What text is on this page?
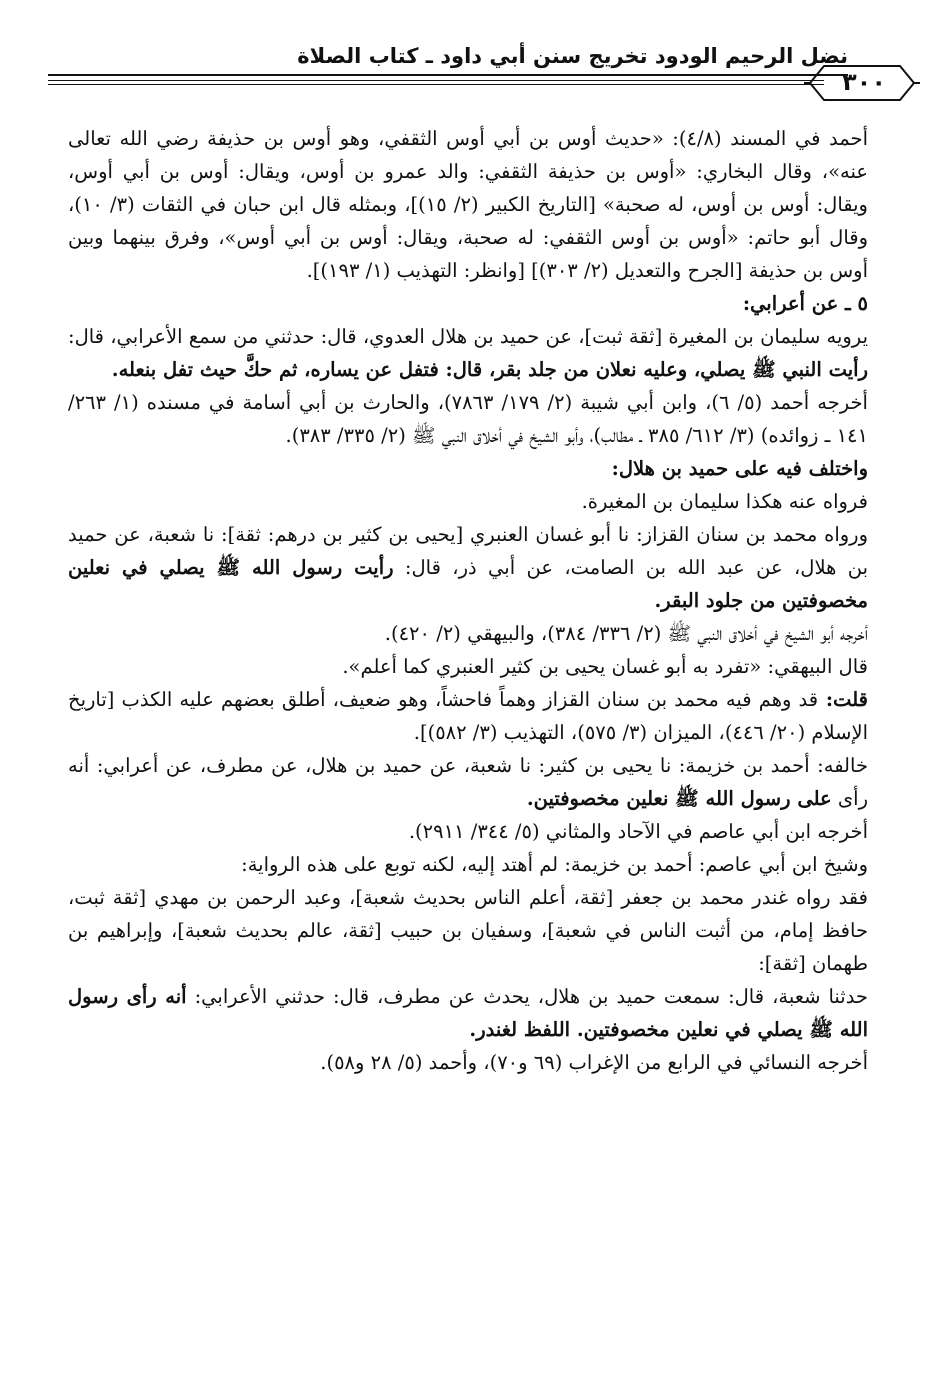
نضل الرحيم الودود تخريج سنن أبي داود ـ كتاب الصلاة
٣٠٠

أحمد في المسند (٤/٨): «حديث أوس بن أبي أوس الثقفي، وهو أوس بن حذيفة رضي الله تعالى عنه»، وقال البخاري: «أوس بن حذيفة الثقفي: والد عمرو بن أوس، ويقال: أوس بن أبي أوس، ويقال: أوس بن أوس، له صحبة» [التاريخ الكبير (٢/ ١٥)]، وبمثله قال ابن حبان في الثقات (٣/ ١٠)، وقال أبو حاتم: «أوس بن أوس الثقفي: له صحبة، ويقال: أوس بن أبي أوس»، وفرق بينهما وبين أوس بن حذيفة [الجرح والتعديل (٢/ ٣٠٣)] [وانظر: التهذيب (١/ ١٩٣)].

٥ ـ عن أعرابي:

يرويه سليمان بن المغيرة [ثقة ثبت]، عن حميد بن هلال العدوي، قال: حدثني من سمع الأعرابي، قال: رأيت النبي ﷺ يصلي، وعليه نعلان من جلد بقر، قال: فتفل عن يساره، ثم حكَّ حيث تفل بنعله.

أخرجه أحمد (٥/ ٦)، وابن أبي شيبة (٢/ ١٧٩/ ٧٨٦٣)، والحارث بن أبي أسامة في مسنده (١/ ٢٦٣/ ١٤١ ـ زوائده) (٣/ ٦١٢/ ٣٨٥ ـ مطالب)، وأبو الشيخ في أخلاق النبي ﷺ (٢/ ٣٣٥/ ٣٨٣).

واختلف فيه على حميد بن هلال:

فرواه عنه هكذا سليمان بن المغيرة.

ورواه محمد بن سنان القزاز: نا أبو غسان العنبري [يحيى بن كثير بن درهم: ثقة]: نا شعبة، عن حميد بن هلال، عن عبد الله بن الصامت، عن أبي ذر، قال: رأيت رسول الله ﷺ يصلي في نعلين مخصوفتين من جلود البقر.

أخرجه أبو الشيخ في أخلاق النبي ﷺ (٢/ ٣٣٦/ ٣٨٤)، والبيهقي (٢/ ٤٢٠).

قال البيهقي: «تفرد به أبو غسان يحيى بن كثير العنبري كما أعلم».

قلت: قد وهم فيه محمد بن سنان القزاز وهماً فاحشاً، وهو ضعيف، أطلق بعضهم عليه الكذب [تاريخ الإسلام (٢٠/ ٤٤٦)، الميزان (٣/ ٥٧٥)، التهذيب (٣/ ٥٨٢)].

خالفه: أحمد بن خزيمة: نا يحيى بن كثير: نا شعبة، عن حميد بن هلال، عن مطرف، عن أعرابي: أنه رأى على رسول الله ﷺ نعلين مخصوفتين.

أخرجه ابن أبي عاصم في الآحاد والمثاني (٥/ ٣٤٤/ ٢٩١١).

وشيخ ابن أبي عاصم: أحمد بن خزيمة: لم أهتد إليه، لكنه توبع على هذه الرواية:

فقد رواه غندر محمد بن جعفر [ثقة، أعلم الناس بحديث شعبة]، وعبد الرحمن بن مهدي [ثقة ثبت، حافظ إمام، من أثبت الناس في شعبة]، وسفيان بن حبيب [ثقة، عالم بحديث شعبة]، وإبراهيم بن طهمان [ثقة]:

حدثنا شعبة، قال: سمعت حميد بن هلال، يحدث عن مطرف، قال: حدثني الأعرابي: أنه رأى رسول الله ﷺ يصلي في نعلين مخصوفتين. اللفظ لغندر.

أخرجه النسائي في الرابع من الإغراب (٦٩ و٧٠)، وأحمد (٥/ ٢٨ و٥٨).
